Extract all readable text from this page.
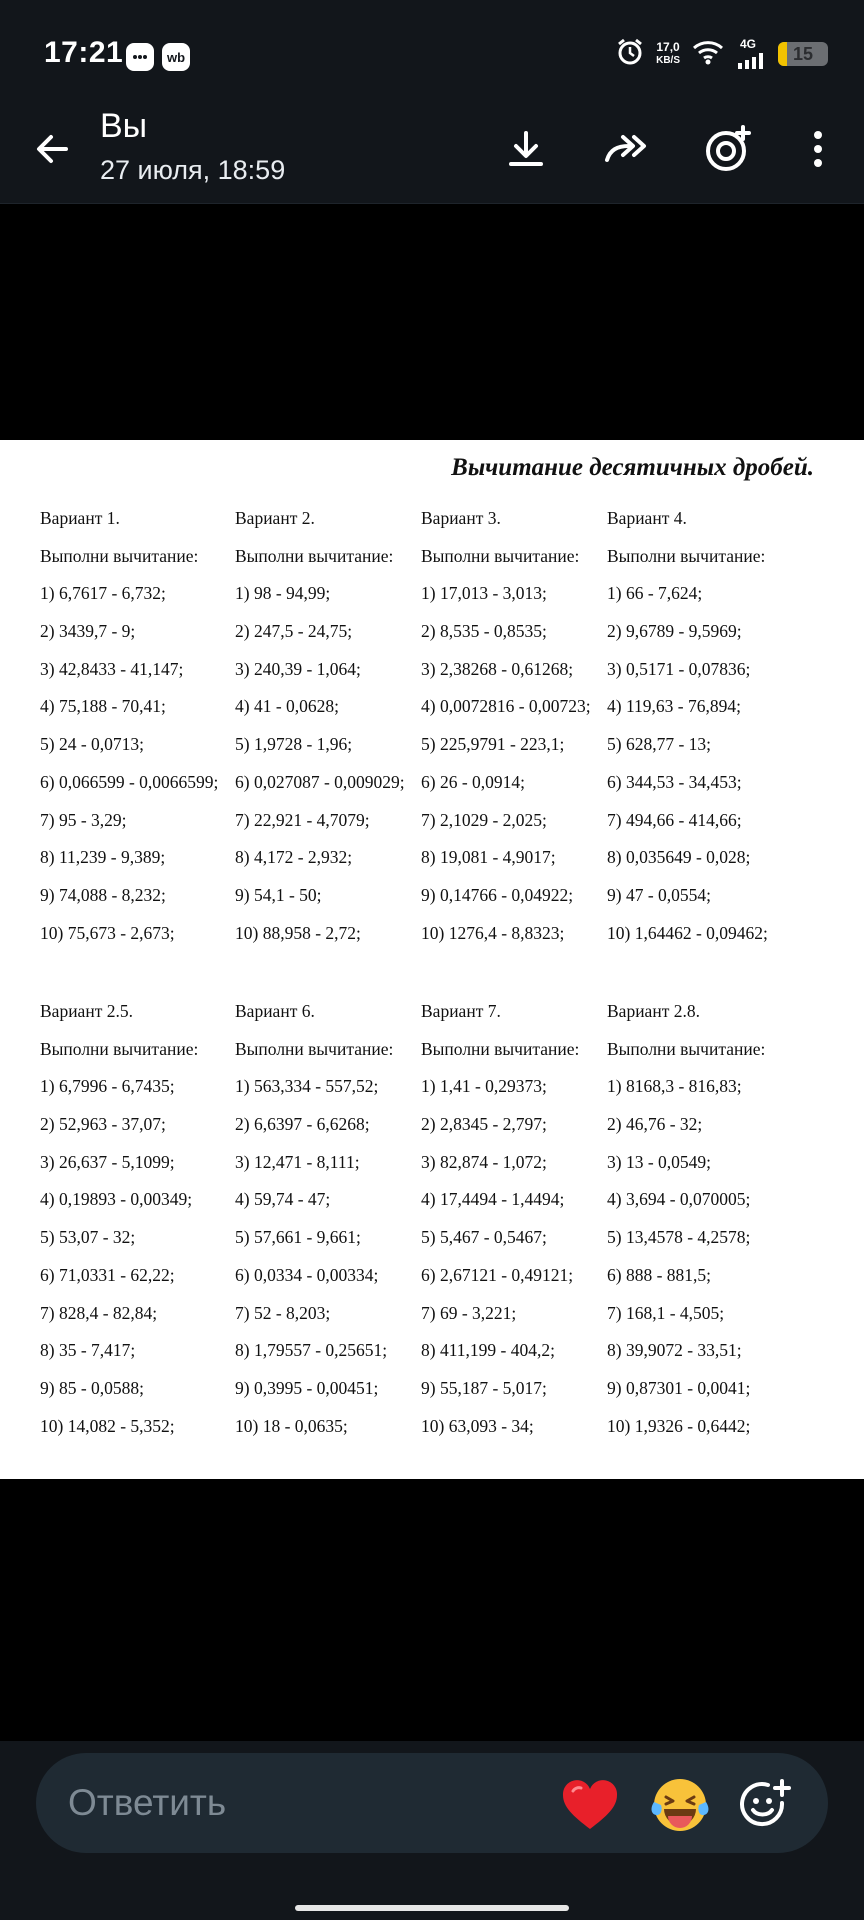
17:21	wb
17,0
KB/S
4G 15
Вы
27 июля, 18:59
Вычитание десятичных дробей.
Вариант 1.
Выполни вычитание:
1) 6,7617 - 6,732;
2) 3439,7 - 9;
3) 42,8433 - 41,147;
4) 75,188 - 70,41;
5) 24 - 0,0713;
6) 0,066599 - 0,0066599;
7) 95 - 3,29;
8) 11,239 - 9,389;
9) 74,088 - 8,232;
10) 75,673 - 2,673;
Вариант 2.
Выполни вычитание:
1) 98 - 94,99;
2) 247,5 - 24,75;
3) 240,39 - 1,064;
4) 41 - 0,0628;
5) 1,9728 - 1,96;
6) 0,027087 - 0,009029;
7) 22,921 - 4,7079;
8) 4,172 - 2,932;
9) 54,1 - 50;
10) 88,958 - 2,72;
Вариант 3.
Выполни вычитание:
1) 17,013 - 3,013;
2) 8,535 - 0,8535;
3) 2,38268 - 0,61268;
4) 0,0072816 - 0,00723;
5) 225,9791 - 223,1;
6) 26 - 0,0914;
7) 2,1029 - 2,025;
8) 19,081 - 4,9017;
9) 0,14766 - 0,04922;
10) 1276,4 - 8,8323;
Вариант 4.
Выполни вычитание:
1) 66 - 7,624;
2) 9,6789 - 9,5969;
3) 0,5171 - 0,07836;
4) 119,63 - 76,894;
5) 628,77 - 13;
6) 344,53 - 34,453;
7) 494,66 - 414,66;
8) 0,035649 - 0,028;
9) 47 - 0,0554;
10) 1,64462 - 0,09462;
Вариант 2.5.
Выполни вычитание:
1) 6,7996 - 6,7435;
2) 52,963 - 37,07;
3) 26,637 - 5,1099;
4) 0,19893 - 0,00349;
5) 53,07 - 32;
6) 71,0331 - 62,22;
7) 828,4 - 82,84;
8) 35 - 7,417;
9) 85 - 0,0588;
10) 14,082 - 5,352;
Вариант 6.
Выполни вычитание:
1) 563,334 - 557,52;
2) 6,6397 - 6,6268;
3) 12,471 - 8,111;
4) 59,74 - 47;
5) 57,661 - 9,661;
6) 0,0334 - 0,00334;
7) 52 - 8,203;
8) 1,79557 - 0,25651;
9) 0,3995 - 0,00451;
10) 18 - 0,0635;
Вариант 7.
Выполни вычитание:
1) 1,41 - 0,29373;
2) 2,8345 - 2,797;
3) 82,874 - 1,072;
4) 17,4494 - 1,4494;
5) 5,467 - 0,5467;
6) 2,67121 - 0,49121;
7) 69 - 3,221;
8) 411,199 - 404,2;
9) 55,187 - 5,017;
10) 63,093 - 34;
Вариант 2.8.
Выполни вычитание:
1) 8168,3 - 816,83;
2) 46,76 - 32;
3) 13 - 0,0549;
4) 3,694 - 0,070005;
5) 13,4578 - 4,2578;
6) 888 - 881,5;
7) 168,1 - 4,505;
8) 39,9072 - 33,51;
9) 0,87301 - 0,0041;
10) 1,9326 - 0,6442;
Ответить
